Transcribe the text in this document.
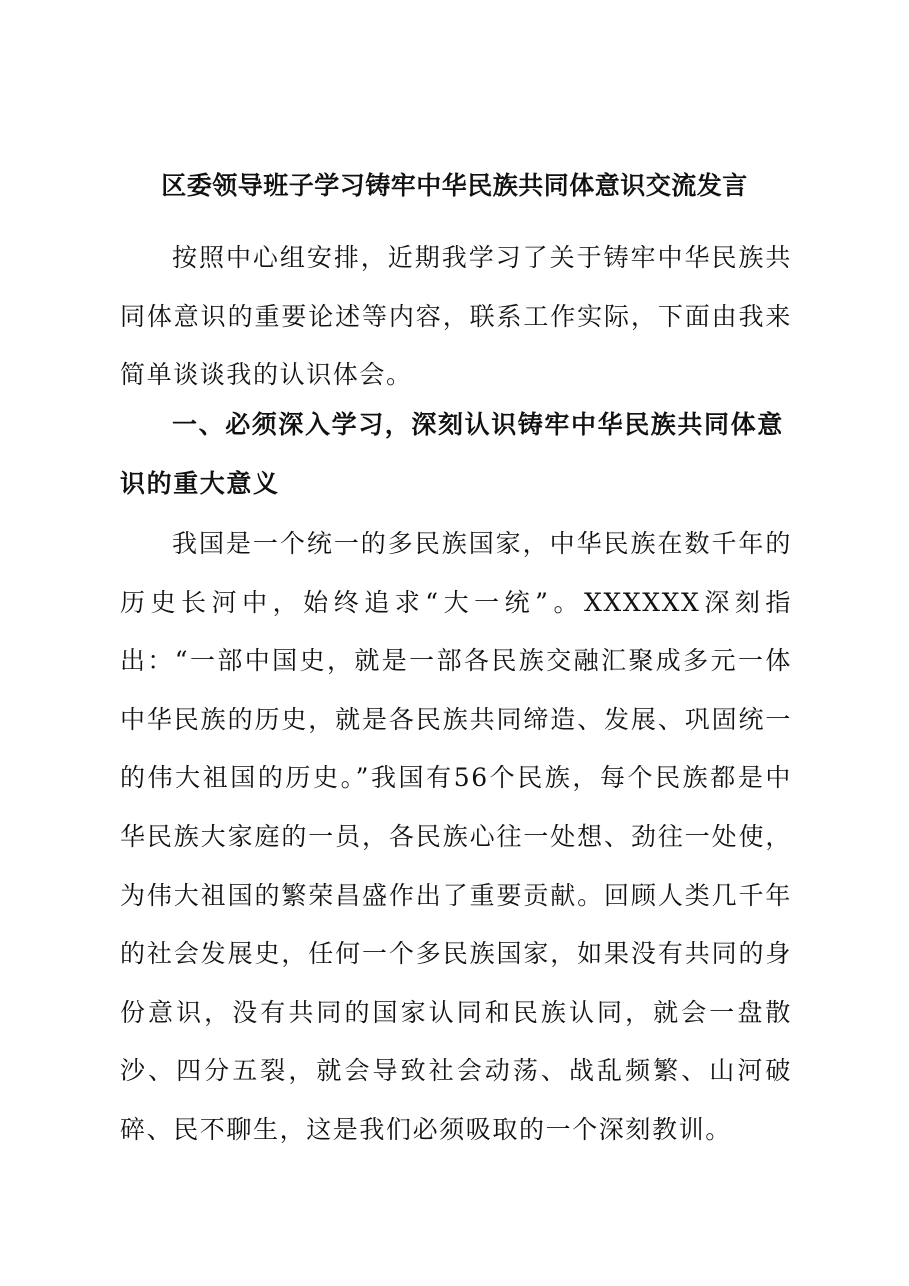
区委领导班子学习铸牢中华民族共同体意识交流发言

按照中心组安排，近期我学习了关于铸牢中华民族共同体意识的重要论述等内容，联系工作实际，下面由我来简单谈谈我的认识体会。

一、必须深入学习，深刻认识铸牢中华民族共同体意识的重大意义

我国是一个统一的多民族国家，中华民族在数千年的历史长河中，始终追求“大一统”。XXXXXX深刻指出：“一部中国史，就是一部各民族交融汇聚成多元一体中华民族的历史，就是各民族共同缔造、发展、巩固统一的伟大祖国的历史。”我国有56个民族，每个民族都是中华民族大家庭的一员，各民族心往一处想、劲往一处使，为伟大祖国的繁荣昌盛作出了重要贡献。回顾人类几千年的社会发展史，任何一个多民族国家，如果没有共同的身份意识，没有共同的国家认同和民族认同，就会一盘散沙、四分五裂，就会导致社会动荡、战乱频繁、山河破碎、民不聊生，这是我们必须吸取的一个深刻教训。
